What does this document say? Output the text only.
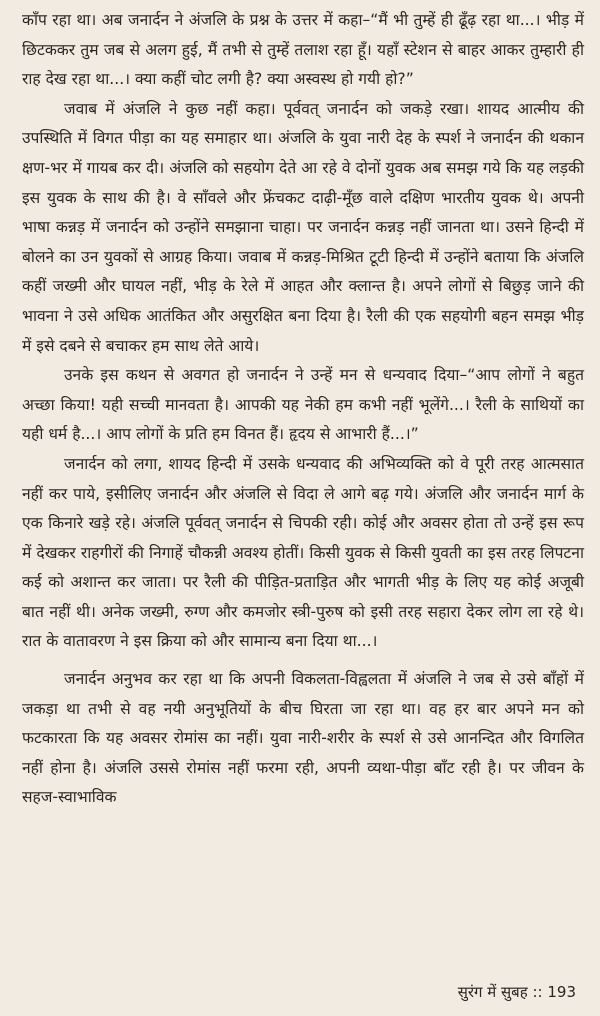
काँप रहा था। अब जनार्दन ने अंजलि के प्रश्न के उत्तर में कहा–“मैं भी तुम्हें ही ढूँढ़ रहा था...। भीड़ में छिटककर तुम जब से अलग हुई, मैं तभी से तुम्हें तलाश रहा हूँ। यहाँ स्टेशन से बाहर आकर तुम्हारी ही राह देख रहा था...। क्या कहीं चोट लगी है? क्या अस्वस्थ हो गयी हो?”

जवाब में अंजलि ने कुछ नहीं कहा। पूर्ववत् जनार्दन को जकड़े रखा। शायद आत्मीय की उपस्थिति में विगत पीड़ा का यह समाहार था। अंजलि के युवा नारी देह के स्पर्श ने जनार्दन की थकान क्षण-भर में गायब कर दी। अंजलि को सहयोग देते आ रहे वे दोनों युवक अब समझ गये कि यह लड़की इस युवक के साथ की है। वे साँवले और फ्रेंचकट दाढ़ी-मूँछ वाले दक्षिण भारतीय युवक थे। अपनी भाषा कन्नड़ में जनार्दन को उन्होंने समझाना चाहा। पर जनार्दन कन्नड़ नहीं जानता था। उसने हिन्दी में बोलने का उन युवकों से आग्रह किया। जवाब में कन्नड़-मिश्रित टूटी हिन्दी में उन्होंने बताया कि अंजलि कहीं जख्मी और घायल नहीं, भीड़ के रेले में आहत और क्लान्त है। अपने लोगों से बिछुड़ जाने की भावना ने उसे अधिक आतंकित और असुरक्षित बना दिया है। रैली की एक सहयोगी बहन समझ भीड़ में इसे दबने से बचाकर हम साथ लेते आये।

उनके इस कथन से अवगत हो जनार्दन ने उन्हें मन से धन्यवाद दिया–“आप लोगों ने बहुत अच्छा किया! यही सच्ची मानवता है। आपकी यह नेकी हम कभी नहीं भूलेंगे...। रैली के साथियों का यही धर्म है...। आप लोगों के प्रति हम विनत हैं। हृदय से आभारी हैं...।”

जनार्दन को लगा, शायद हिन्दी में उसके धन्यवाद की अभिव्यक्ति को वे पूरी तरह आत्मसात नहीं कर पाये, इसीलिए जनार्दन और अंजलि से विदा ले आगे बढ़ गये। अंजलि और जनार्दन मार्ग के एक किनारे खड़े रहे। अंजलि पूर्ववत् जनार्दन से चिपकी रही। कोई और अवसर होता तो उन्हें इस रूप में देखकर राहगीरों की निगाहें चौकन्नी अवश्य होतीं। किसी युवक से किसी युवती का इस तरह लिपटना कई को अशान्त कर जाता। पर रैली की पीड़ित-प्रताड़ित और भागती भीड़ के लिए यह कोई अजूबी बात नहीं थी। अनेक जख्मी, रुग्ण और कमजोर स्त्री-पुरुष को इसी तरह सहारा देकर लोग ला रहे थे। रात के वातावरण ने इस क्रिया को और सामान्य बना दिया था...।

जनार्दन अनुभव कर रहा था कि अपनी विकलता-विह्वलता में अंजलि ने जब से उसे बाँहों में जकड़ा था तभी से वह नयी अनुभूतियों के बीच घिरता जा रहा था। वह हर बार अपने मन को फटकारता कि यह अवसर रोमांस का नहीं। युवा नारी-शरीर के स्पर्श से उसे आनन्दित और विगलित नहीं होना है। अंजलि उससे रोमांस नहीं फरमा रही, अपनी व्यथा-पीड़ा बाँट रही है। पर जीवन के सहज-स्वाभाविक

सुरंग में सुबह :: 193
